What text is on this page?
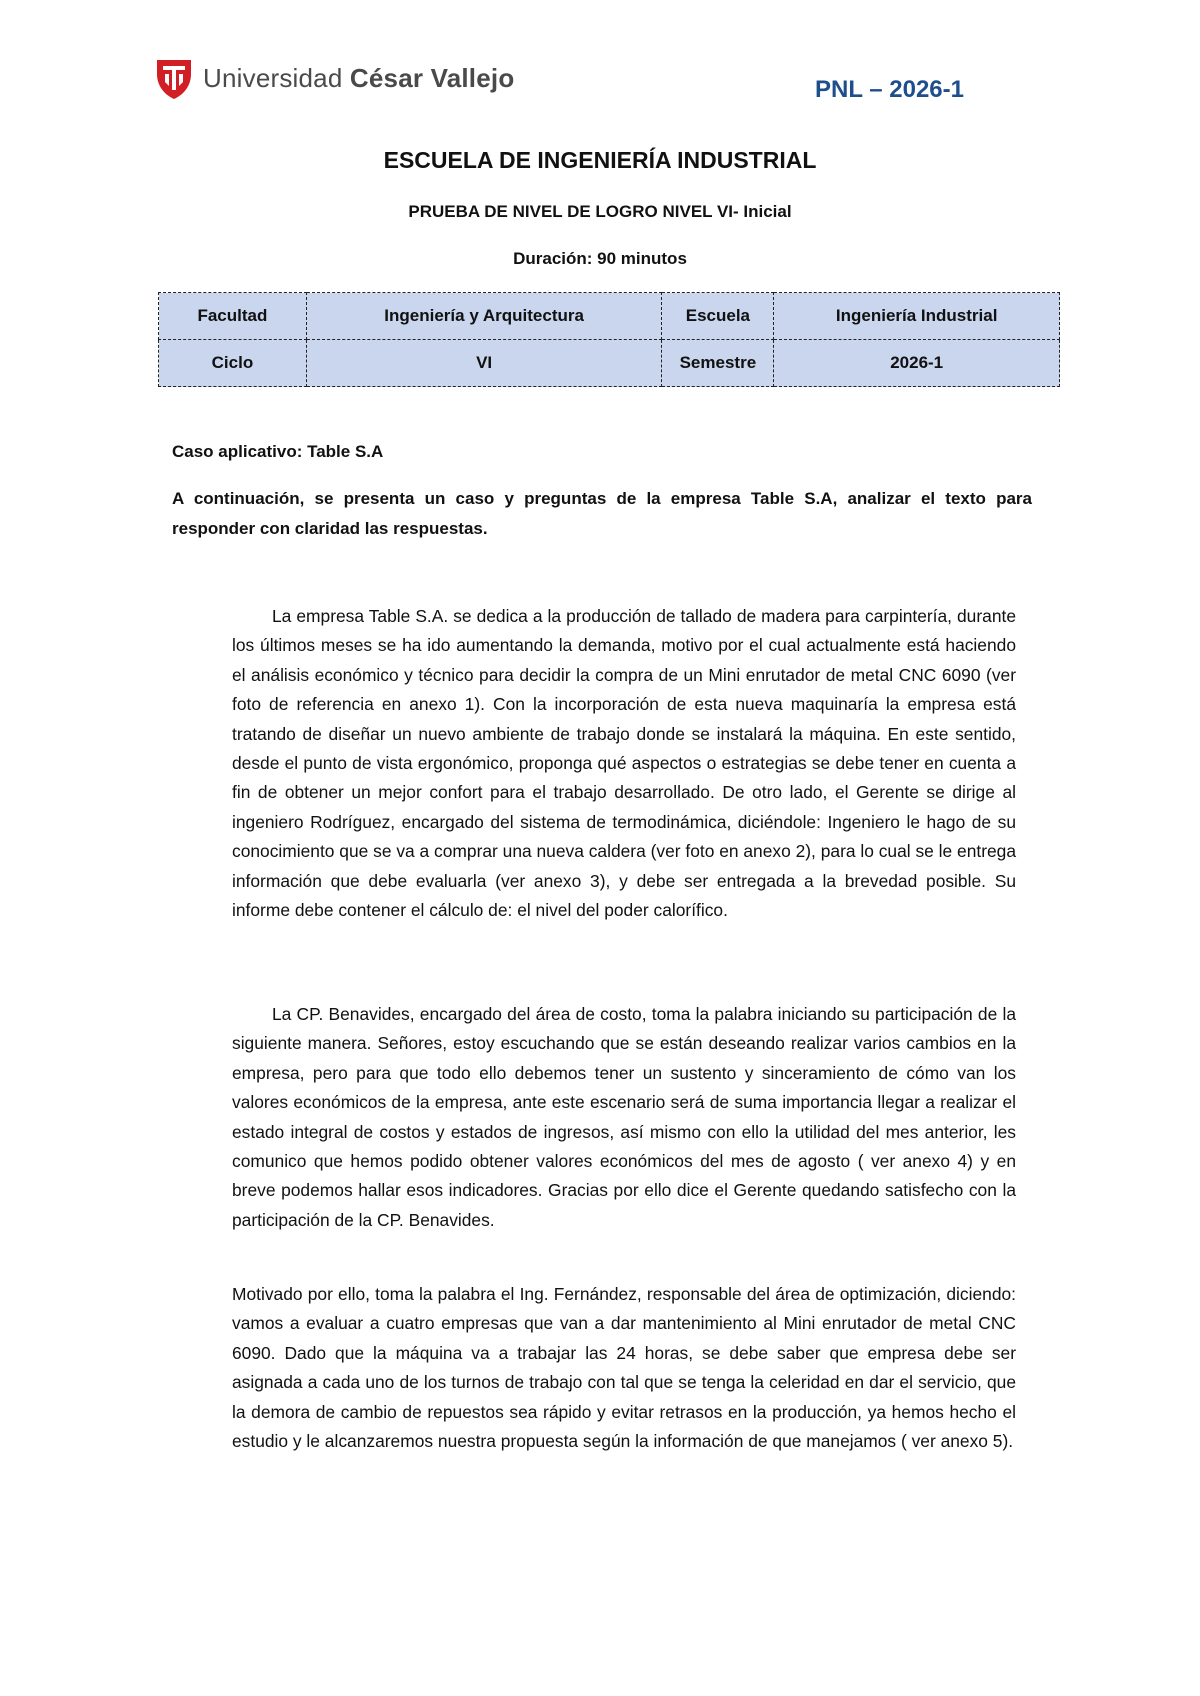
Universidad César Vallejo	PNL – 2026-1
ESCUELA DE INGENIERÍA INDUSTRIAL
PRUEBA DE NIVEL DE LOGRO NIVEL VI- Inicial
Duración: 90 minutos
Facultad	Ingeniería y Arquitectura	Escuela	Ingeniería Industrial
Ciclo	VI	Semestre	2026-1
Caso aplicativo: Table S.A
A continuación, se presenta un caso y preguntas de la empresa Table S.A, analizar el texto para responder con claridad las respuestas.

La empresa Table S.A. se dedica a la producción de tallado de madera para carpintería, durante los últimos meses se ha ido aumentando la demanda, motivo por el cual actualmente está haciendo el análisis económico y técnico para decidir la compra de un Mini enrutador de metal CNC 6090 (ver foto de referencia en anexo 1). Con la incorporación de esta nueva maquinaría la empresa está tratando de diseñar un nuevo ambiente de trabajo donde se instalará la máquina. En este sentido, desde el punto de vista ergonómico, proponga qué aspectos o estrategias se debe tener en cuenta a fin de obtener un mejor confort para el trabajo desarrollado. De otro lado, el Gerente se dirige al ingeniero Rodríguez, encargado del sistema de termodinámica, diciéndole: Ingeniero le hago de su conocimiento que se va a comprar una nueva caldera (ver foto en anexo 2), para lo cual se le entrega información que debe evaluarla (ver anexo 3), y debe ser entregada a la brevedad posible. Su informe debe contener el cálculo de: el nivel del poder calorífico.

La CP. Benavides, encargado del área de costo, toma la palabra iniciando su participación de la siguiente manera. Señores, estoy escuchando que se están deseando realizar varios cambios en la empresa, pero para que todo ello debemos tener un sustento y sinceramiento de cómo van los valores económicos de la empresa, ante este escenario será de suma importancia llegar a realizar el estado integral de costos y estados de ingresos, así mismo con ello la utilidad del mes anterior, les comunico que hemos podido obtener valores económicos del mes de agosto ( ver anexo 4) y en breve podemos hallar esos indicadores. Gracias por ello dice el Gerente quedando satisfecho con la participación de la CP. Benavides.

Motivado por ello, toma la palabra el Ing. Fernández, responsable del área de optimización, diciendo: vamos a evaluar a cuatro empresas que van a dar mantenimiento al Mini enrutador de metal CNC 6090. Dado que la máquina va a trabajar las 24 horas, se debe saber que empresa debe ser asignada a cada uno de los turnos de trabajo con tal que se tenga la celeridad en dar el servicio, que la demora de cambio de repuestos sea rápido y evitar retrasos en la producción, ya hemos hecho el estudio y le alcanzaremos nuestra propuesta según la información de que manejamos ( ver anexo 5).
